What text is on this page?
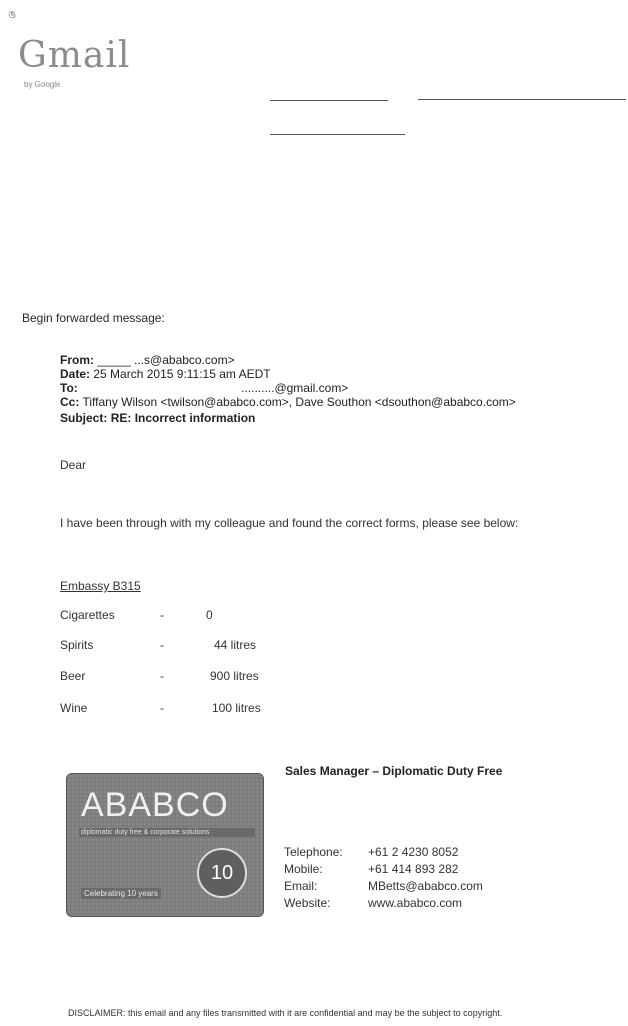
ঙ
Gmail
by Google
Begin forwarded message:
From: _____ ...s@ababco.com>
Date: 25 March 2015 9:11:15 am AEDT
To:	..........@gmail.com>
Cc: Tiffany Wilson <twilson@ababco.com>, Dave Southon <dsouthon@ababco.com>
Subject: RE: Incorrect information
Dear
I have been through with my colleague and found the correct forms, please see below:
Embassy B315
Cigarettes	-	0
Spirits	-	44 litres
Beer	-	900 litres
Wine	-	100 litres
Sales Manager – Diplomatic Duty Free
ABABCO
diplomatic duty free & corporate solutions
10
Celebrating 10 years
Telephone: +61 2 4230 8052
Mobile:	+61 414 893 282
Email:	MBetts@ababco.com
Website:	www.ababco.com
DISCLAIMER: this email and any files transmitted with it are confidential and may be the subject to copyright.
